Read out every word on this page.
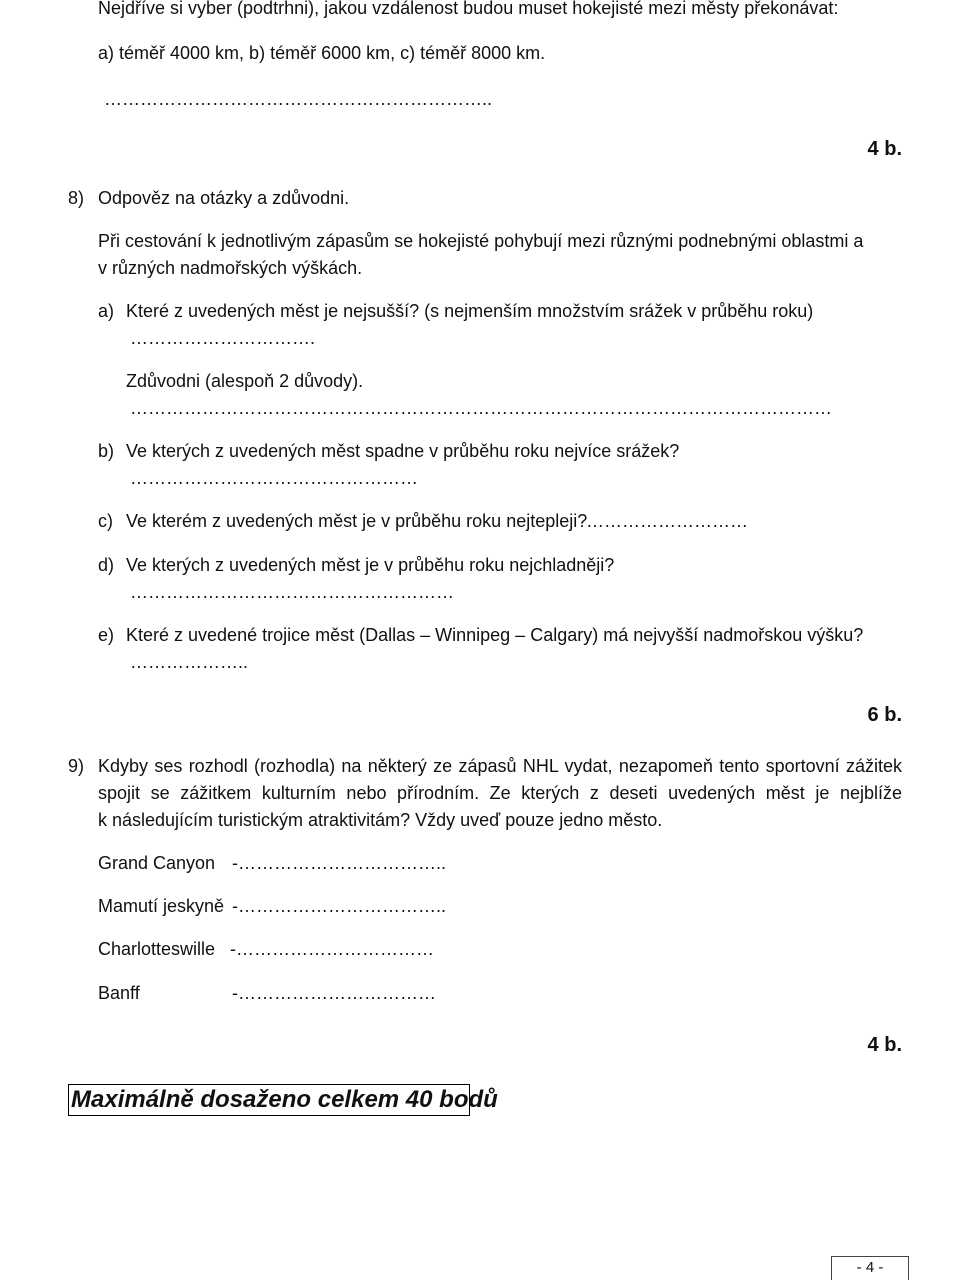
Nejdříve si vyber (podtrhni), jakou vzdálenost budou muset hokejisté mezi městy překonávat:
a) téměř 4000 km, b) téměř 6000 km, c) téměř 8000 km.
………………………………………………………..
4 b.
8) Odpověz na otázky a zdůvodni.
Při cestování k jednotlivým zápasům se hokejisté pohybují mezi různými podnebnými oblastmi a
v různých nadmořských výškách.
a) Které z uvedených měst je nejsušší? (s nejmenším množstvím srážek v průběhu roku)
………………………….
Zdůvodni (alespoň 2 důvody).
………………………………………………………………………………………………………
b) Ve kterých z uvedených měst spadne v průběhu roku nejvíce srážek?
…………………………………………
c) Ve kterém z uvedených měst je v průběhu roku nejtepleji?
………………………
d) Ve kterých z uvedených měst je v průběhu roku nejchladněji?
………………………………………………
e) Které z uvedené trojice měst (Dallas – Winnipeg – Calgary) má nejvyšší nadmořskou výšku?
………………..
6 b.
9) Kdyby ses rozhodl (rozhodla) na některý ze zápasů NHL vydat, nezapomeň tento sportovní zážitek
spojit se zážitkem kulturním nebo přírodním. Ze kterých z deseti uvedených měst je nejblíže
k následujícím turistickým atraktivitám? Vždy uveď pouze jedno město.
Grand Canyon -……………………………..
Mamutí jeskyně -……………………………..
Charlotteswille -……………………………
Banff	-……………………………
4 b.
Maximálně dosaženo celkem 40 bodů
- 4 -
